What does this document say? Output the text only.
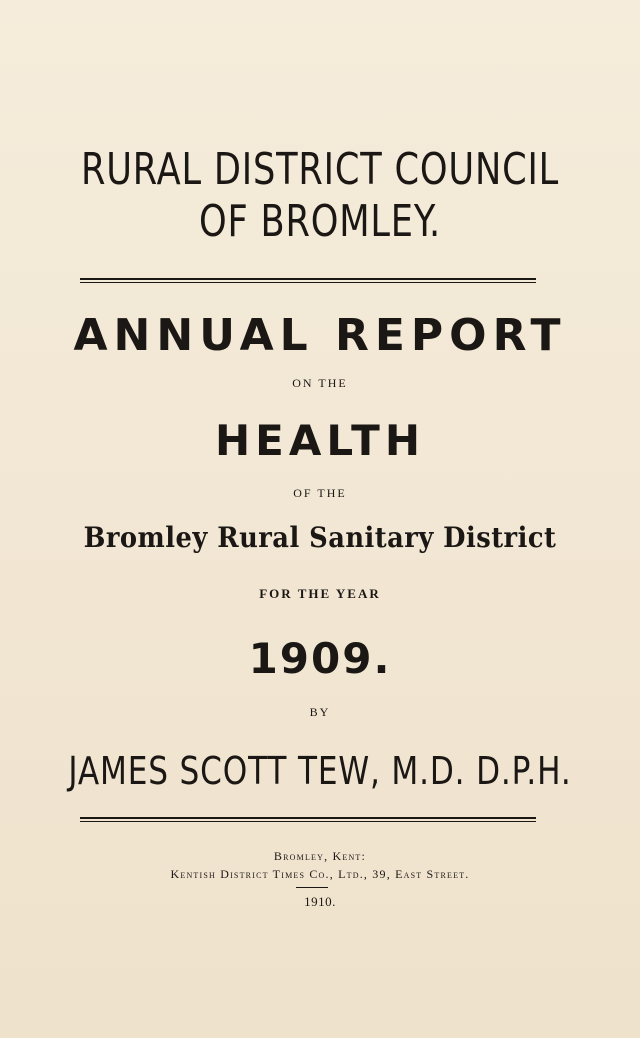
RURAL DISTRICT COUNCIL
OF BROMLEY.
ANNUAL REPORT
ON THE
HEALTH
OF THE
Bromley Rural Sanitary District
FOR THE YEAR
1909.
BY
JAMES SCOTT TEW, M.D. D.P.H.
Bromley, Kent:
Kentish District Times Co., Ltd., 39, East Street.
1910.
